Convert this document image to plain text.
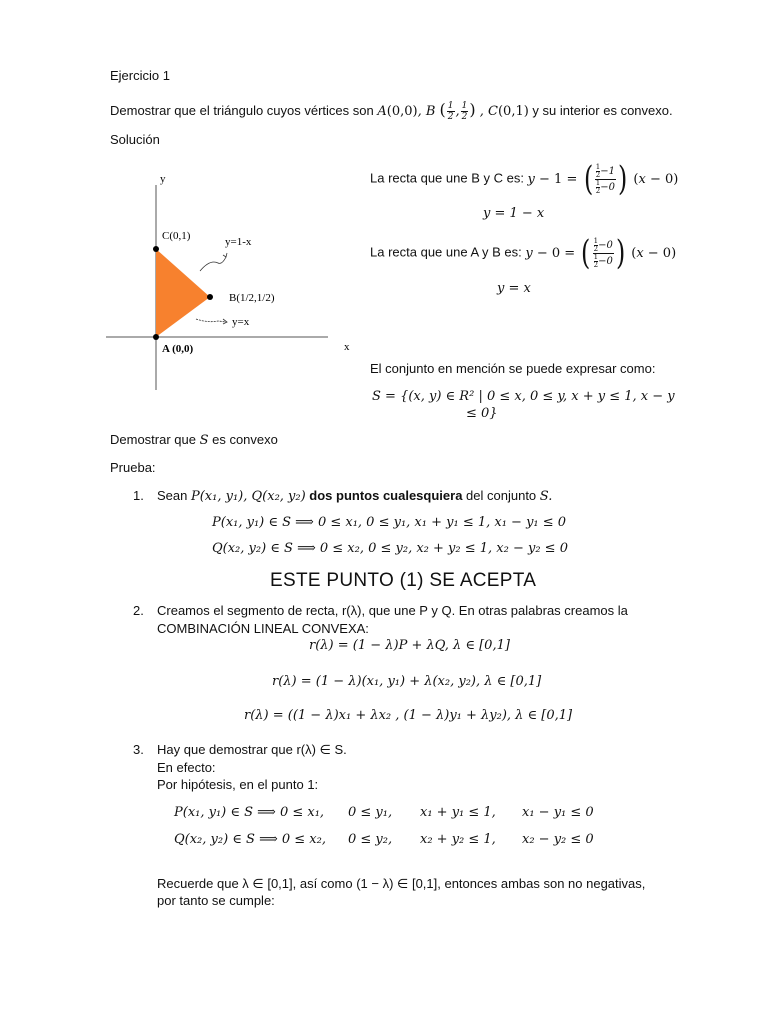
Ejercicio 1
Demostrar que el triángulo cuyos vértices son A(0,0), B ( $\frac{1}{2}$ , $\frac{1}{2}$ ) , C(0,1) y su interior es convexo.
Solución
y
x
C(0,1)
B(1/2,1/2)
A (0,0)
y=1-x
y=x
La recta que une B y C es: y − 1 = ( $\frac{\frac{1}{2}-1}{\frac{1}{2}-0}$ ) (x − 0)
y = 1 − x
La recta que une A y B es: y − 0 = ( $\frac{\frac{1}{2}-0}{\frac{1}{2}-0}$ ) (x − 0)
y = x
El conjunto en mención se puede expresar como:
S = {(x, y) ∈ R² | 0 ≤ x, 0 ≤ y, x + y ≤ 1, x − y
≤ 0}
Demostrar que S es convexo
Prueba:
1. Sean P(x₁, y₁), Q(x₂, y₂) dos puntos cualesquiera del conjunto S.
P(x₁, y₁) ∈ S ⟹ 0 ≤ x₁, 0 ≤ y₁, x₁ + y₁ ≤ 1, x₁ − y₁ ≤ 0
Q(x₂, y₂) ∈ S ⟹ 0 ≤ x₂, 0 ≤ y₂, x₂ + y₂ ≤ 1, x₂ − y₂ ≤ 0
ESTE PUNTO (1) SE ACEPTA
2. Creamos el segmento de recta, r(λ), que une P y Q. En otras palabras creamos la
COMBINACIÓN LINEAL CONVEXA:
r(λ) = (1 − λ)P + λQ, λ ∈ [0,1]
r(λ) = (1 − λ)(x₁, y₁) + λ(x₂, y₂), λ ∈ [0,1]
r(λ) = ((1 − λ)x₁ + λx₂ , (1 − λ)y₁ + λy₂), λ ∈ [0,1]
3. Hay que demostrar que r(λ) ∈ S.
En efecto:
Por hipótesis, en el punto 1:
P(x₁, y₁) ∈ S ⟹ 0 ≤ x₁, 0 ≤ y₁, x₁ + y₁ ≤ 1, x₁ − y₁ ≤ 0
Q(x₂, y₂) ∈ S ⟹ 0 ≤ x₂, 0 ≤ y₂, x₂ + y₂ ≤ 1, x₂ − y₂ ≤ 0
Recuerde que λ ∈ [0,1], así como (1 − λ) ∈ [0,1], entonces ambas son no negativas,
por tanto se cumple:
